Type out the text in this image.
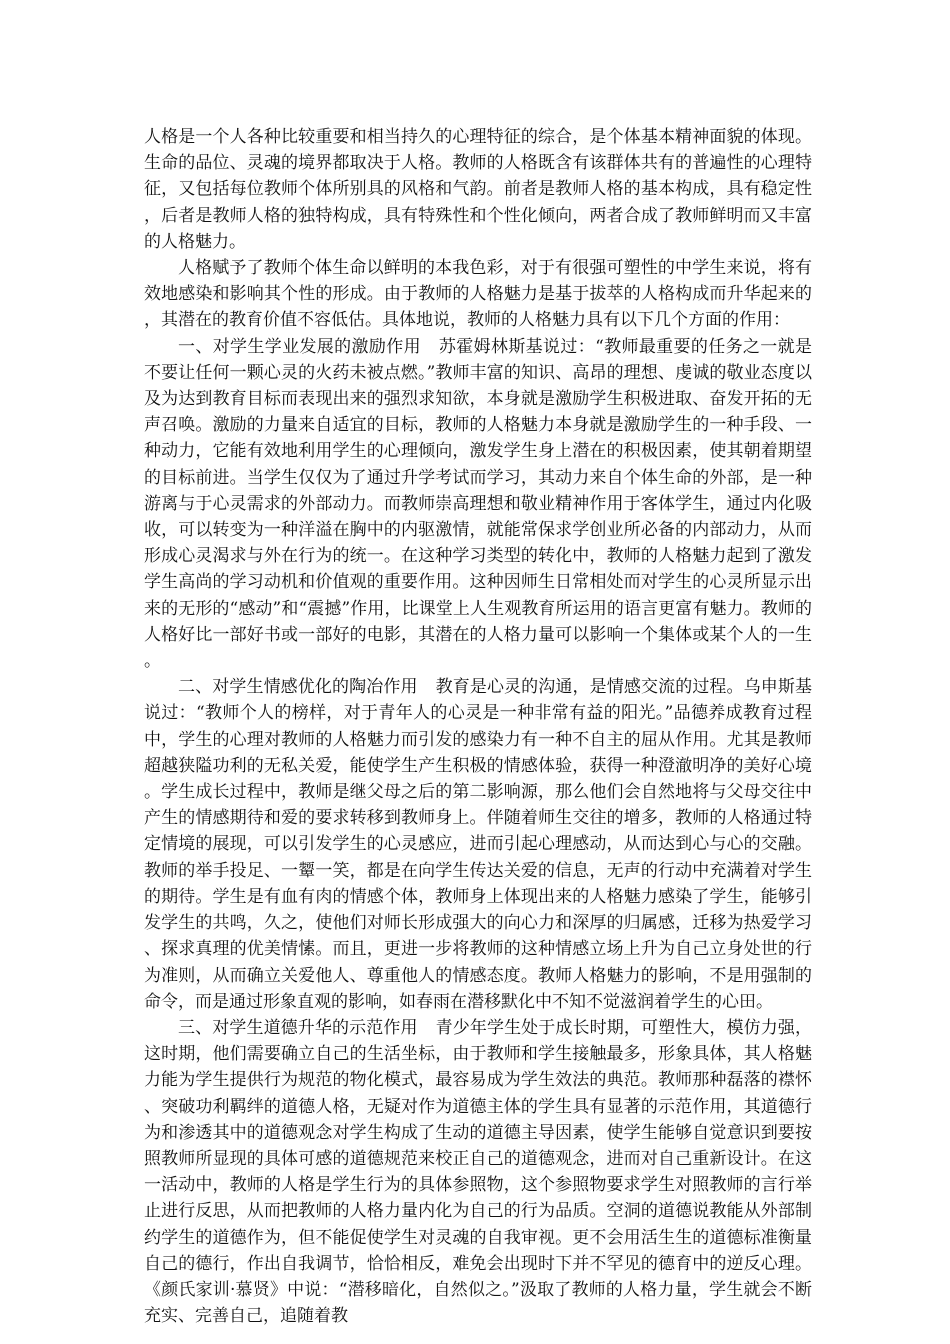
人格是一个人各种比较重要和相当持久的心理特征的综合，是个体基本精神面貌的体现。生命的品位、灵魂的境界都取决于人格。教师的人格既含有该群体共有的普遍性的心理特征，又包括每位教师个体所别具的风格和气韵。前者是教师人格的基本构成，具有稳定性，后者是教师人格的独特构成，具有特殊性和个性化倾向，两者合成了教师鲜明而又丰富的人格魅力。

人格赋予了教师个体生命以鲜明的本我色彩，对于有很强可塑性的中学生来说，将有效地感染和影响其个性的形成。由于教师的人格魅力是基于拔萃的人格构成而升华起来的，其潜在的教育价值不容低估。具体地说，教师的人格魅力具有以下几个方面的作用：

一、对学生学业发展的激励作用 苏霍姆林斯基说过：“教师最重要的任务之一就是不要让任何一颗心灵的火药未被点燃。”教师丰富的知识、高昂的理想、虔诚的敬业态度以及为达到教育目标而表现出来的强烈求知欲，本身就是激励学生积极进取、奋发开拓的无声召唤。激励的力量来自适宜的目标，教师的人格魅力本身就是激励学生的一种手段、一种动力，它能有效地利用学生的心理倾向，激发学生身上潜在的积极因素，使其朝着期望的目标前进。当学生仅仅为了通过升学考试而学习，其动力来自个体生命的外部，是一种游离与于心灵需求的外部动力。而教师崇高理想和敬业精神作用于客体学生，通过内化吸收，可以转变为一种洋溢在胸中的内驱激情，就能常保求学创业所必备的内部动力，从而形成心灵渴求与外在行为的统一。在这种学习类型的转化中，教师的人格魅力起到了激发学生高尚的学习动机和价值观的重要作用。这种因师生日常相处而对学生的心灵所显示出来的无形的“感动”和“震撼”作用，比课堂上人生观教育所运用的语言更富有魅力。教师的人格好比一部好书或一部好的电影，其潜在的人格力量可以影响一个集体或某个人的一生。

二、对学生情感优化的陶冶作用 教育是心灵的沟通，是情感交流的过程。乌申斯基说过：“教师个人的榜样，对于青年人的心灵是一种非常有益的阳光。”品德养成教育过程中，学生的心理对教师的人格魅力而引发的感染力有一种不自主的屈从作用。尤其是教师超越狭隘功利的无私关爱，能使学生产生积极的情感体验，获得一种澄澈明净的美好心境。学生成长过程中，教师是继父母之后的第二影响源，那么他们会自然地将与父母交往中产生的情感期待和爱的要求转移到教师身上。伴随着师生交往的增多，教师的人格通过特定情境的展现，可以引发学生的心灵感应，进而引起心理感动，从而达到心与心的交融。教师的举手投足、一颦一笑，都是在向学生传达关爱的信息，无声的行动中充满着对学生的期待。学生是有血有肉的情感个体，教师身上体现出来的人格魅力感染了学生，能够引发学生的共鸣，久之，使他们对师长形成强大的向心力和深厚的归属感，迁移为热爱学习、探求真理的优美情愫。而且，更进一步将教师的这种情感立场上升为自己立身处世的行为准则，从而确立关爱他人、尊重他人的情感态度。教师人格魅力的影响，不是用强制的命令，而是通过形象直观的影响，如春雨在潜移默化中不知不觉滋润着学生的心田。

三、对学生道德升华的示范作用 青少年学生处于成长时期，可塑性大，模仿力强，这时期，他们需要确立自己的生活坐标，由于教师和学生接触最多，形象具体，其人格魅力能为学生提供行为规范的物化模式，最容易成为学生效法的典范。教师那种磊落的襟怀、突破功利羁绊的道德人格，无疑对作为道德主体的学生具有显著的示范作用，其道德行为和渗透其中的道德观念对学生构成了生动的道德主导因素，使学生能够自觉意识到要按照教师所显现的具体可感的道德规范来校正自己的道德观念，进而对自己重新设计。在这一活动中，教师的人格是学生行为的具体参照物，这个参照物要求学生对照教师的言行举止进行反思，从而把教师的人格力量内化为自己的行为品质。空洞的道德说教能从外部制约学生的道德作为，但不能促使学生对灵魂的自我审视。更不会用活生生的道德标准衡量自己的德行，作出自我调节，恰恰相反，难免会出现时下并不罕见的德育中的逆反心理。《颜氏家训·慕贤》中说：“潜移暗化，自然似之。”汲取了教师的人格力量，学生就会不断充实、完善自己，追随着教
